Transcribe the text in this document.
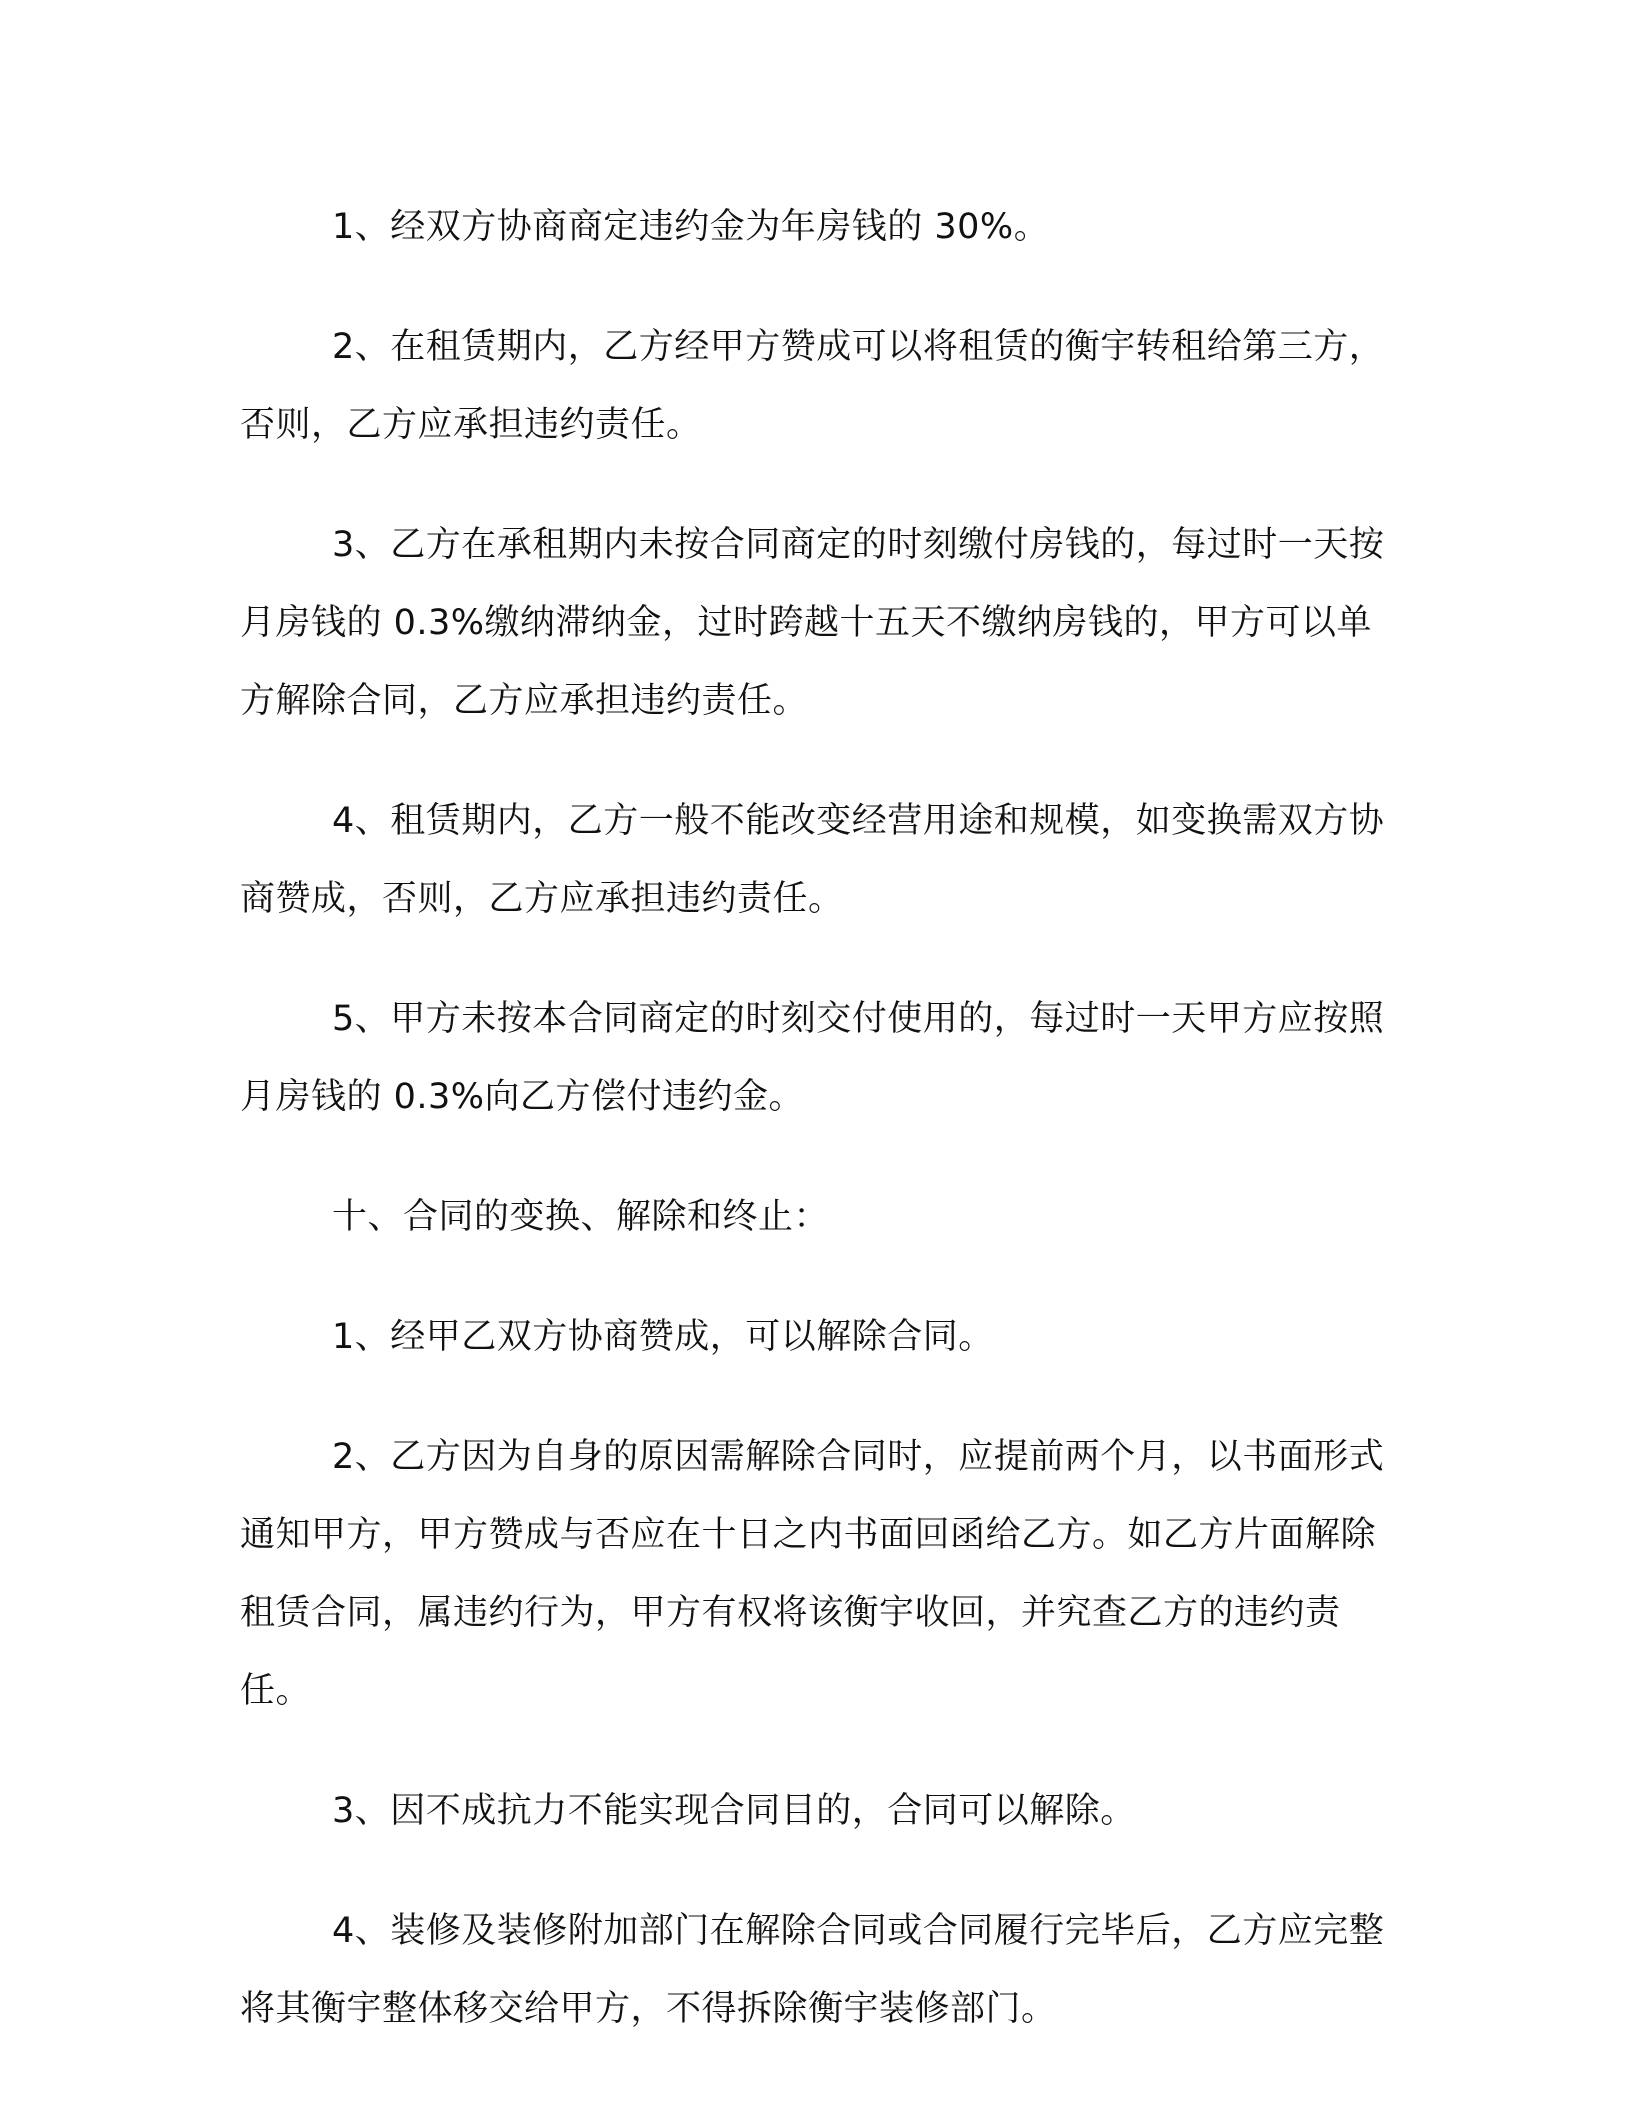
1、经双方协商商定违约金为年房钱的 30%。

2、在租赁期内，乙方经甲方赞成可以将租赁的衡宇转租给第三方，否则，乙方应承担违约责任。

3、乙方在承租期内未按合同商定的时刻缴付房钱的，每过时一天按月房钱的 0.3%缴纳滞纳金，过时跨越十五天不缴纳房钱的，甲方可以单方解除合同，乙方应承担违约责任。

4、租赁期内，乙方一般不能改变经营用途和规模，如变换需双方协商赞成，否则，乙方应承担违约责任。

5、甲方未按本合同商定的时刻交付使用的，每过时一天甲方应按照月房钱的 0.3%向乙方偿付违约金。

十、合同的变换、解除和终止：

1、经甲乙双方协商赞成，可以解除合同。

2、乙方因为自身的原因需解除合同时，应提前两个月，以书面形式通知甲方，甲方赞成与否应在十日之内书面回函给乙方。如乙方片面解除租赁合同，属违约行为，甲方有权将该衡宇收回，并究查乙方的违约责任。

3、因不成抗力不能实现合同目的，合同可以解除。

4、装修及装修附加部门在解除合同或合同履行完毕后，乙方应完整将其衡宇整体移交给甲方，不得拆除衡宇装修部门。
